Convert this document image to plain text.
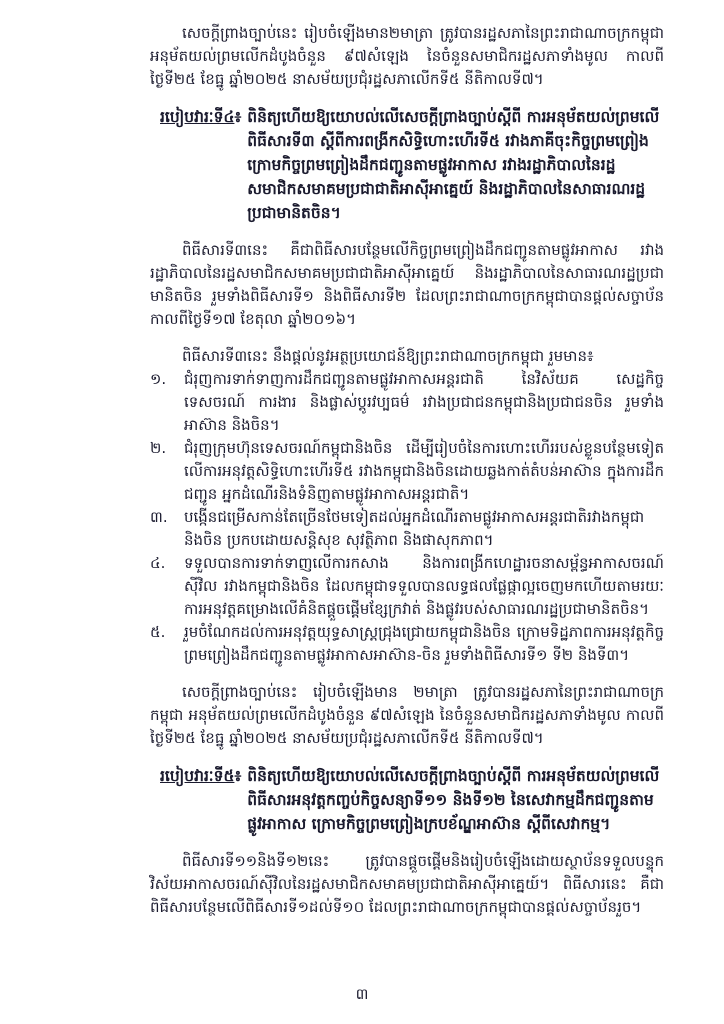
សេចក្តីព្រាងច្បាប់នេះ រៀបចំឡើងមាន២មាត្រា ត្រូវបានរដ្ឋសភានៃព្រះរាជាណាចក្រកម្ពុជា អនុម័តយល់ព្រមលើកដំបូងចំនួន ៩៧សំឡេង នៃចំនួនសមាជិករដ្ឋសភាទាំងមូល កាលពីថ្ងៃទី២៥ ខែធ្នូ ឆ្នាំ២០២៥ នាសម័យប្រជុំរដ្ឋសភាលើកទី៥ នីតិកាលទី៧។

របៀបវារៈទី៤ ៖ ពិនិត្យហើយឱ្យយោបល់លើសេចក្តីព្រាងច្បាប់ស្តីពី ការអនុម័តយល់ព្រមលើពិធីសារទី៣ ស្តីពីការពង្រីកសិទ្ធិហោះហើរទី៥ រវាងភាគីចុះកិច្ចព្រមព្រៀងក្រោមកិច្ចព្រមព្រៀងដឹកជញ្ជូនតាមផ្លូវអាកាស រវាងរដ្ឋាភិបាលនៃរដ្ឋសមាជិកសមាគមប្រជាជាតិអាស៊ីអាគ្នេយ៍ និងរដ្ឋាភិបាលនៃសាធារណរដ្ឋប្រជាមានិតចិន។

ពិធីសារទី៣នេះ គឺជាពិធីសារបន្ថែមលើកិច្ចព្រមព្រៀងដឹកជញ្ជូនតាមផ្លូវអាកាស រវាងរដ្ឋាភិបាលនៃរដ្ឋសមាជិកសមាគមប្រជាជាតិអាស៊ីអាគ្នេយ៍ និងរដ្ឋាភិបាលនៃសាធារណរដ្ឋប្រជាមានិតចិន រួមទាំងពិធីសារទី១ និងពិធីសារទី២ ដែលព្រះរាជាណាចក្រកម្ពុជាបានផ្តល់សច្ចាប័ន កាលពីថ្ងៃទី១៧ ខែតុលា ឆ្នាំ២០១៦។

ពិធីសារទី៣នេះ នឹងផ្តល់នូវអត្ថប្រយោជន៍ឱ្យព្រះរាជាណាចក្រកម្ពុជា រួមមាន៖

១.	ជំរុញការទាក់ទាញការដឹកជញ្ជូនតាមផ្លូវអាកាសអន្តរជាតិ នៃវិស័យគ សេដ្ឋកិច្ច ទេសចរណ៍ ការងារ និងផ្លាស់ប្តូរវប្បធម៌ រវាងប្រជាជនកម្ពុជានិងប្រជាជនចិន រួមទាំងអាស៊ាន និងចិន។
២.	ជំរុញក្រុមហ៊ុនទេសចរណ៍កម្ពុជានិងចិន ដើម្បីរៀបចំនៃការហោះហើររបស់ខ្លួនបន្ថែមទៀតលើការអនុវត្តសិទ្ធិហោះហើរទី៥ រវាងកម្ពុជានិងចិនដោយឆ្លងកាត់តំបន់អាស៊ាន ក្នុងការដឹកជញ្ជូន អ្នកដំណើរនិងទំនិញតាមផ្លូវអាកាសអន្តរជាតិ។
៣.	បង្កើនជម្រើសកាន់តែច្រើនថែមទៀតដល់អ្នកដំណើរតាមផ្លូវអាកាសអន្តរជាតិរវាងកម្ពុជានិងចិន ប្រកបដោយសន្តិសុខ សុវត្ថិភាព និងផាសុកភាព។
៤.	ទទួលបានការទាក់ទាញលើការកសាង និងការពង្រីកហេដ្ឋារចនាសម្ព័ន្ធអាកាសចរណ៍ស៊ីវិល រវាងកម្ពុជានិងចិន ដែលកម្ពុជាទទួលបានលទ្ធផលផ្លែផ្កាល្អចេញមកហើយតាមរយៈការអនុវត្តគម្រោងលើគំនិតផ្តួចផ្តើមខ្សែក្រវាត់ និងផ្លូវរបស់សាធារណរដ្ឋប្រជាមានិតចិន។
៥.	រួមចំណែកដល់ការអនុវត្តយុទ្ធសាស្រ្តជ្រុងជ្រោយកម្ពុជានិងចិន ក្រោមទិដ្ឋភាពការអនុវត្តកិច្ចព្រមព្រៀងដឹកជញ្ជូនតាមផ្លូវអាកាសអាស៊ាន-ចិន រួមទាំងពិធីសារទី១ ទី២ និងទី៣។

សេចក្តីព្រាងច្បាប់នេះ រៀបចំឡើងមាន ២មាត្រា ត្រូវបានរដ្ឋសភានៃព្រះរាជាណាចក្រកម្ពុជា អនុម័តយល់ព្រមលើកដំបូងចំនួន ៩៧សំឡេង នៃចំនួនសមាជិករដ្ឋសភាទាំងមូល កាលពីថ្ងៃទី២៥ ខែធ្នូ ឆ្នាំ២០២៥ នាសម័យប្រជុំរដ្ឋសភាលើកទី៥ នីតិកាលទី៧។

របៀបវារៈទី៥ ៖ ពិនិត្យហើយឱ្យយោបល់លើសេចក្តីព្រាងច្បាប់ស្តីពី ការអនុម័តយល់ព្រមលើពិធីសារអនុវត្តកញ្ចប់កិច្ចសន្យាទី១១ និងទី១២ នៃសេវាកម្មដឹកជញ្ជូនតាមផ្លូវអាកាស ក្រោមកិច្ចព្រមព្រៀងក្របខ័ណ្ឌអាស៊ាន ស្តីពីសេវាកម្ម។

ពិធីសារទី១១និងទី១២នេះ ត្រូវបានផ្តួចផ្តើមនិងរៀបចំឡើងដោយស្ថាប័នទទួលបន្ទុកវិស័យអាកាសចរណ៍ស៊ីវិលនៃរដ្ឋសមាជិកសមាគមប្រជាជាតិអាស៊ីអាគ្នេយ៍។ ពិធីសារនេះ គឺជាពិធីសារបន្ថែមលើពិធីសារទី១ដល់ទី១០ ដែលព្រះរាជាណាចក្រកម្ពុជាបានផ្តល់សច្ចាប័នរួច។

៣
